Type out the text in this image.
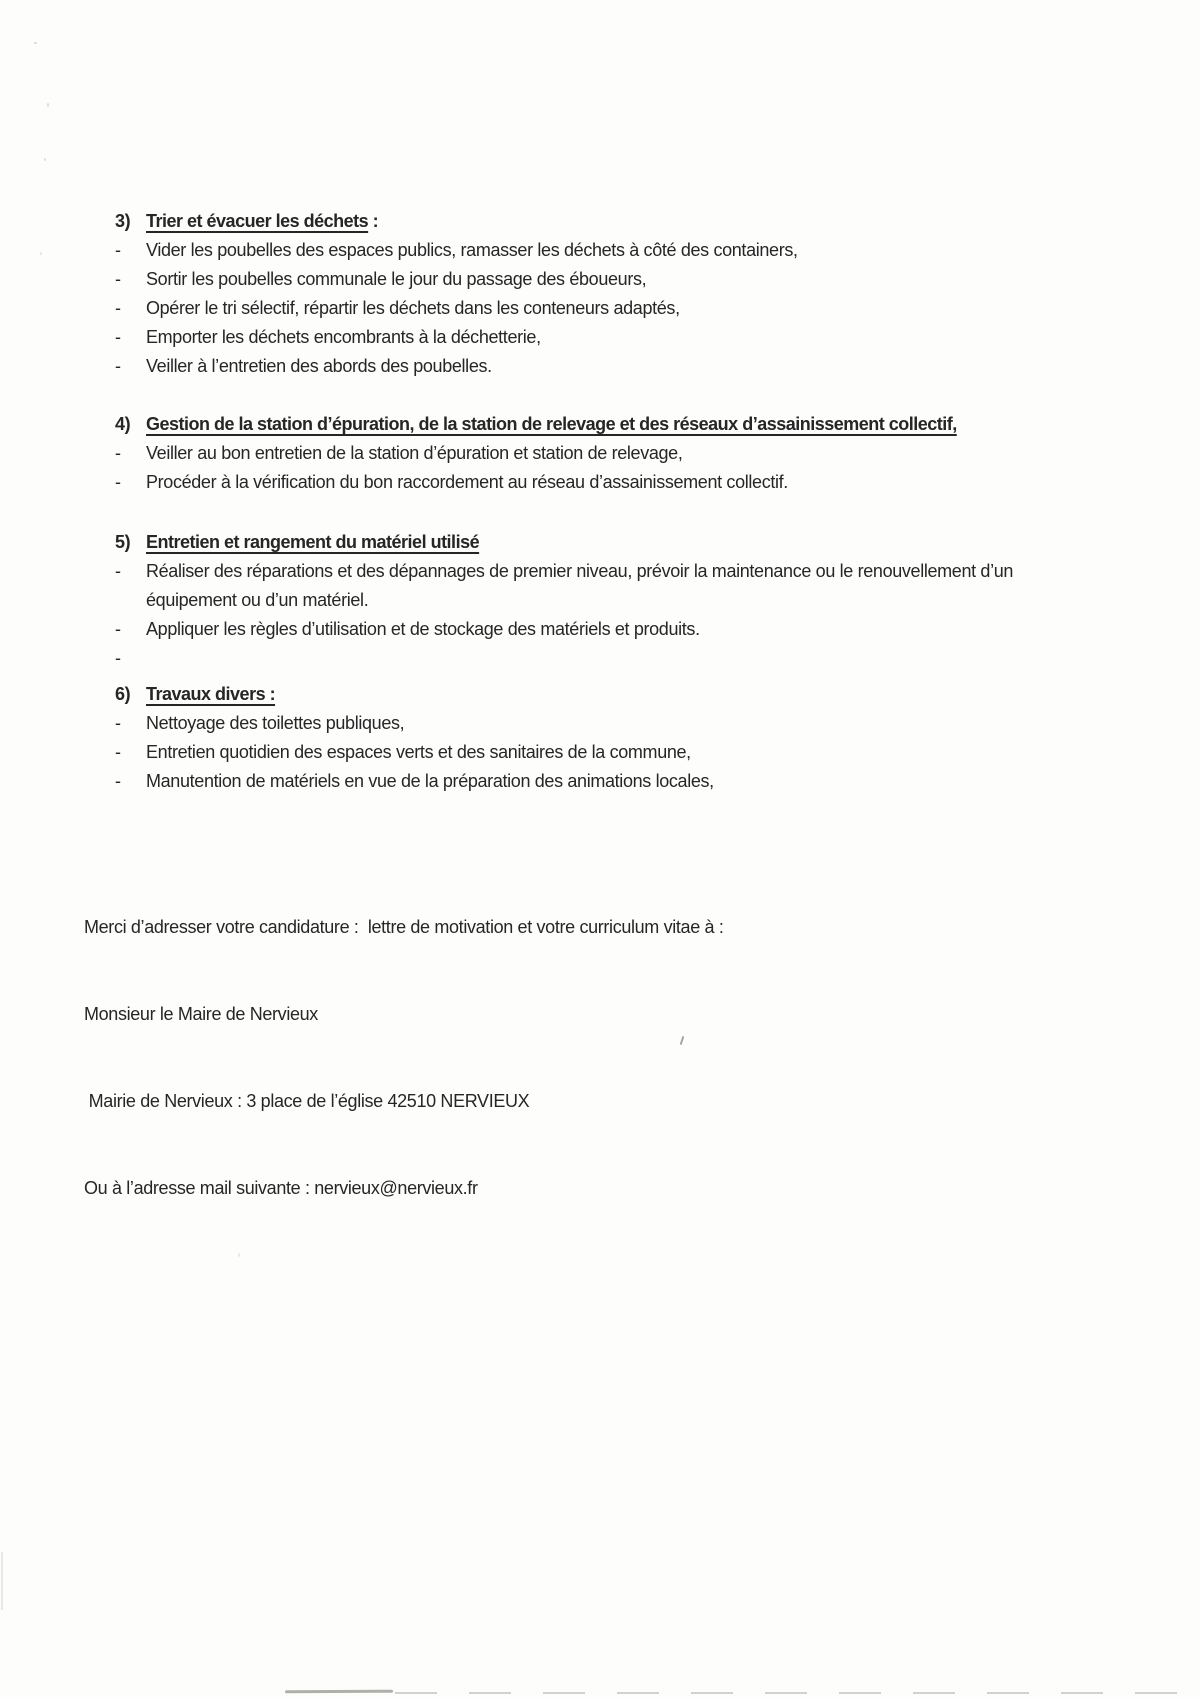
3) Trier et évacuer les déchets :
-	Vider les poubelles des espaces publics, ramasser les déchets à côté des containers,
-	Sortir les poubelles communale le jour du passage des éboueurs,
-	Opérer le tri sélectif, répartir les déchets dans les conteneurs adaptés,
-	Emporter les déchets encombrants à la déchetterie,
-	Veiller à l’entretien des abords des poubelles.
4) Gestion de la station d’épuration, de la station de relevage et des réseaux d’assainissement collectif,
-	Veiller au bon entretien de la station d’épuration et station de relevage,
-	Procéder à la vérification du bon raccordement au réseau d’assainissement collectif.
5) Entretien et rangement du matériel utilisé
-	Réaliser des réparations et des dépannages de premier niveau, prévoir la maintenance ou le renouvellement d’un équipement ou d’un matériel.
-	Appliquer les règles d’utilisation et de stockage des matériels et produits.
-
6) Travaux divers :
-	Nettoyage des toilettes publiques,
-	Entretien quotidien des espaces verts et des sanitaires de la commune,
-	Manutention de matériels en vue de la préparation des animations locales,

Merci d’adresser votre candidature :  lettre de motivation et votre curriculum vitae à :

Monsieur le Maire de Nervieux

Mairie de Nervieux : 3 place de l’église 42510 NERVIEUX

Ou à l’adresse mail suivante : nervieux@nervieux.fr
